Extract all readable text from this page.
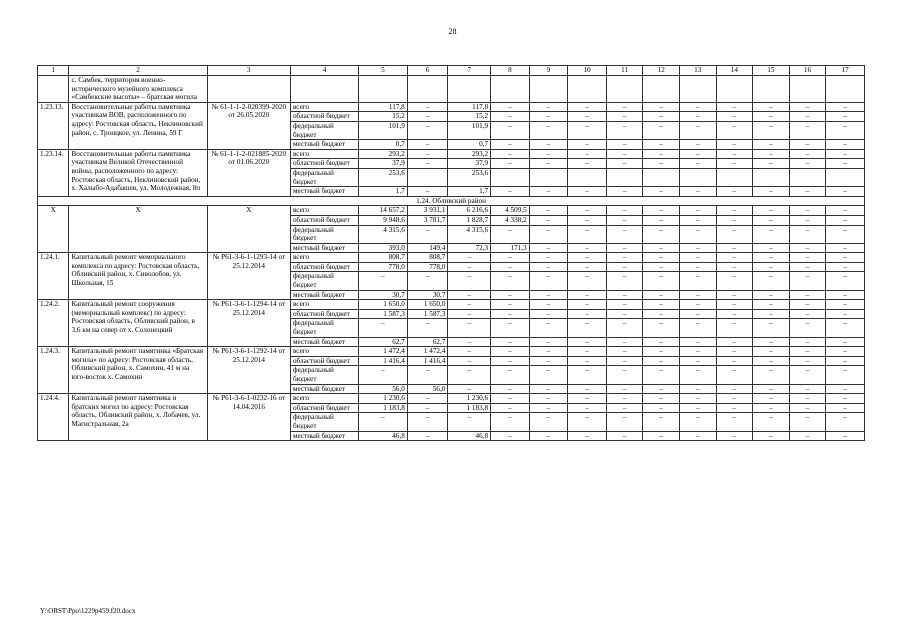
28
1	2	3	4	5	6	7	8	9	10	11	12	13	14	15	16	17
	с. Самбек, территория военно-исторического музейного комплекса «Самбекские высоты» – братская могила															
1.23.13.	Восстановительные работы памятника участникам ВОВ, расположенного по адресу: Ростовская область, Неклиновский район, с. Троицкое, ул. Ленина, 59 Г	№ 61-1-1-2-020399-2020 от 26.05.2020	всего	117,8	–	117,8	–	–	–	–	–	–	–	–	–	–
			областной бюджет	15,2	–	15,2	–	–	–	–	–	–	–	–	–	–
			федеральный бюджет	101,9	–	101,9	–	–	–	–	–	–	–	–	–	–
			местный бюджет	0,7	–	0,7	–	–	–	–	–	–	–	–	–	–
1.23.14.	Восстановительные работы памятника участникам Великой Отечественной войны, расположенного по адресу: Ростовская область, Неклиновский район, х. Халыбо-Адабашев, ул. Молодежная, 8п	№ 61-1-1-2-021885-2020 от 01.06.2020	всего	293,2	–	293,2	–	–	–	–	–	–	–	–	–	–
			областной бюджет	37,9	–	37,9	–	–	–	–	–	–	–	–	–	–
			федеральный бюджет	253,6		253,6										
			местный бюджет	1,7	–	1,7	–	–	–	–	–	–	–	–	–	–
1.24. Обливский район																
Х	Х	Х	всего	14 657,2	3 931,1	6 216,6	4 509,5	–	–	–	–	–	–	–	–	–
			областной бюджет	9 948,6	3 781,7	1 828,7	4 338,2	–	–	–	–	–	–	–	–	–
			федеральный бюджет	4 315,6	–	4 315,6	–	–	–	–	–	–	–	–	–	–
			местный бюджет	393,0	149,4	72,3	171,3	–	–	–	–	–	–	–	–	–
1.24.1.	Капитальный ремонт мемориального комплекса по адресу: Ростовская область, Обливский район, х. Сиволобов, ул. Школьная, 15	№ Р61-3-6-1-1293-14 от 25.12.2014	всего	808,7	808,7	–	–	–	–	–	–	–	–	–	–	–
			областной бюджет	778,0	778,0	–	–	–	–	–	–	–	–	–	–	–
			федеральный бюджет	–	–	–	–	–	–	–	–	–	–	–	–	–
			местный бюджет	30,7	30,7	–	–	–	–	–	–	–	–	–	–	–
1.24.2.	Капитальный ремонт сооружения (мемориальный комплекс) по адресу: Ростовская область, Обливский район, в 3,6 км на север от х. Солонецкий	№ Р61-3-6-1-1294-14 от 25.12.2014	всего	1 650,0	1 650,0	–	–	–	–	–	–	–	–	–	–	–
			областной бюджет	1 587,3	1 587,3	–	–	–	–	–	–	–	–	–	–	–
			федеральный бюджет	–	–	–	–	–	–	–	–	–	–	–	–	–
			местный бюджет	62,7	62,7	–	–	–	–	–	–	–	–	–	–	–
1.24.3.	Капитальный ремонт памятника «Братская могила» по адресу: Ростовская область, Обливский район, х. Самохин, 41 м на юго-восток х. Самохин	№ Р61-3-6-1-1292-14 от 25.12.2014	всего	1 472,4	1 472,4	–	–	–	–	–	–	–	–	–	–	–
			областной бюджет	1 416,4	1 416,4	–	–	–	–	–	–	–	–	–	–	–
			федеральный бюджет	–	–	–	–	–	–	–	–	–	–	–	–	–
			местный бюджет	56,0	56,0	–	–	–	–	–	–	–	–	–	–	–
1.24.4.	Капитальный ремонт памятника и братских могил по адресу: Ростовская область, Обливский район, х. Лобачев, ул. Магистральная, 2а	№ Р61-3-6-1-0232-16 от 14.04.2016	всего	1 230,6	–	1 230,6	–	–	–	–	–	–	–	–	–	–
			областной бюджет	1 183,8	–	1 183,8	–	–	–	–	–	–	–	–	–	–
			федеральный бюджет	–	–	–	–	–	–	–	–	–	–	–	–	–
			местный бюджет	46,8	–	46,8	–	–	–	–	–	–	–	–	–	–
Y:\ORST\Ppo\1229p459.f20.docx
